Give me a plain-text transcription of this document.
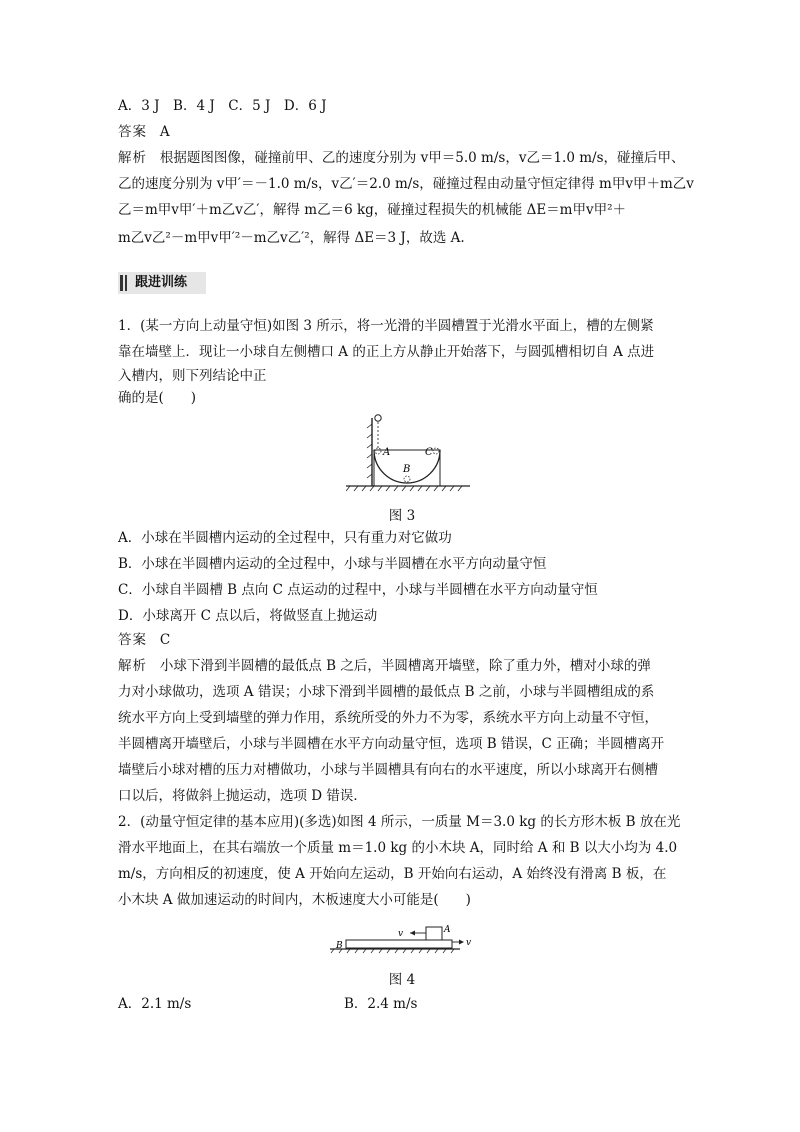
A．3 J　B．4 J　C．5 J　D．6 J
答案 A
解析 根据题图图像，碰撞前甲、乙的速度分别为 v甲＝5.0 m/s，v乙＝1.0 m/s，碰撞后甲、
乙的速度分别为 v甲′＝－1.0 m/s，v乙′＝2.0 m/s，碰撞过程由动量守恒定律得 m甲v甲＋m乙v
乙＝m甲v甲′＋m乙v乙′，解得 m乙＝6 kg，碰撞过程损失的机械能 ΔE＝m甲v甲²＋
m乙v乙²－m甲v甲′²－m乙v乙′²，解得 ΔE＝3 J，故选 A.
跟进训练
1．(某一方向上动量守恒)如图 3 所示，将一光滑的半圆槽置于光滑水平面上，槽的左侧紧
靠在墙壁上．现让一小球自左侧槽口 A 的正上方从静止开始落下，与圆弧槽相切自 A 点进
入槽内，则下列结论中正
确的是(　　)
A
B
C
图 3
A．小球在半圆槽内运动的全过程中，只有重力对它做功
B．小球在半圆槽内运动的全过程中，小球与半圆槽在水平方向动量守恒
C．小球自半圆槽 B 点向 C 点运动的过程中，小球与半圆槽在水平方向动量守恒
D．小球离开 C 点以后，将做竖直上抛运动
答案 C
解析 小球下滑到半圆槽的最低点 B 之后，半圆槽离开墙壁，除了重力外，槽对小球的弹
力对小球做功，选项 A 错误；小球下滑到半圆槽的最低点 B 之前，小球与半圆槽组成的系
统水平方向上受到墙壁的弹力作用，系统所受的外力不为零，系统水平方向上动量不守恒，
半圆槽离开墙壁后，小球与半圆槽在水平方向动量守恒，选项 B 错误，C 正确；半圆槽离开
墙壁后小球对槽的压力对槽做功，小球与半圆槽具有向右的水平速度，所以小球离开右侧槽
口以后，将做斜上抛运动，选项 D 错误．
2．(动量守恒定律的基本应用)(多选)如图 4 所示，一质量 M＝3.0 kg 的长方形木板 B 放在光
滑水平地面上，在其右端放一个质量 m＝1.0 kg 的小木块 A，同时给 A 和 B 以大小均为 4.0
m/s，方向相反的初速度，使 A 开始向左运动，B 开始向右运动，A 始终没有滑离 B 板，在
小木块 A 做加速运动的时间内，木板速度大小可能是(　　)
v	A
v
B
图 4
A．2.1 m/s	B．2.4 m/s
